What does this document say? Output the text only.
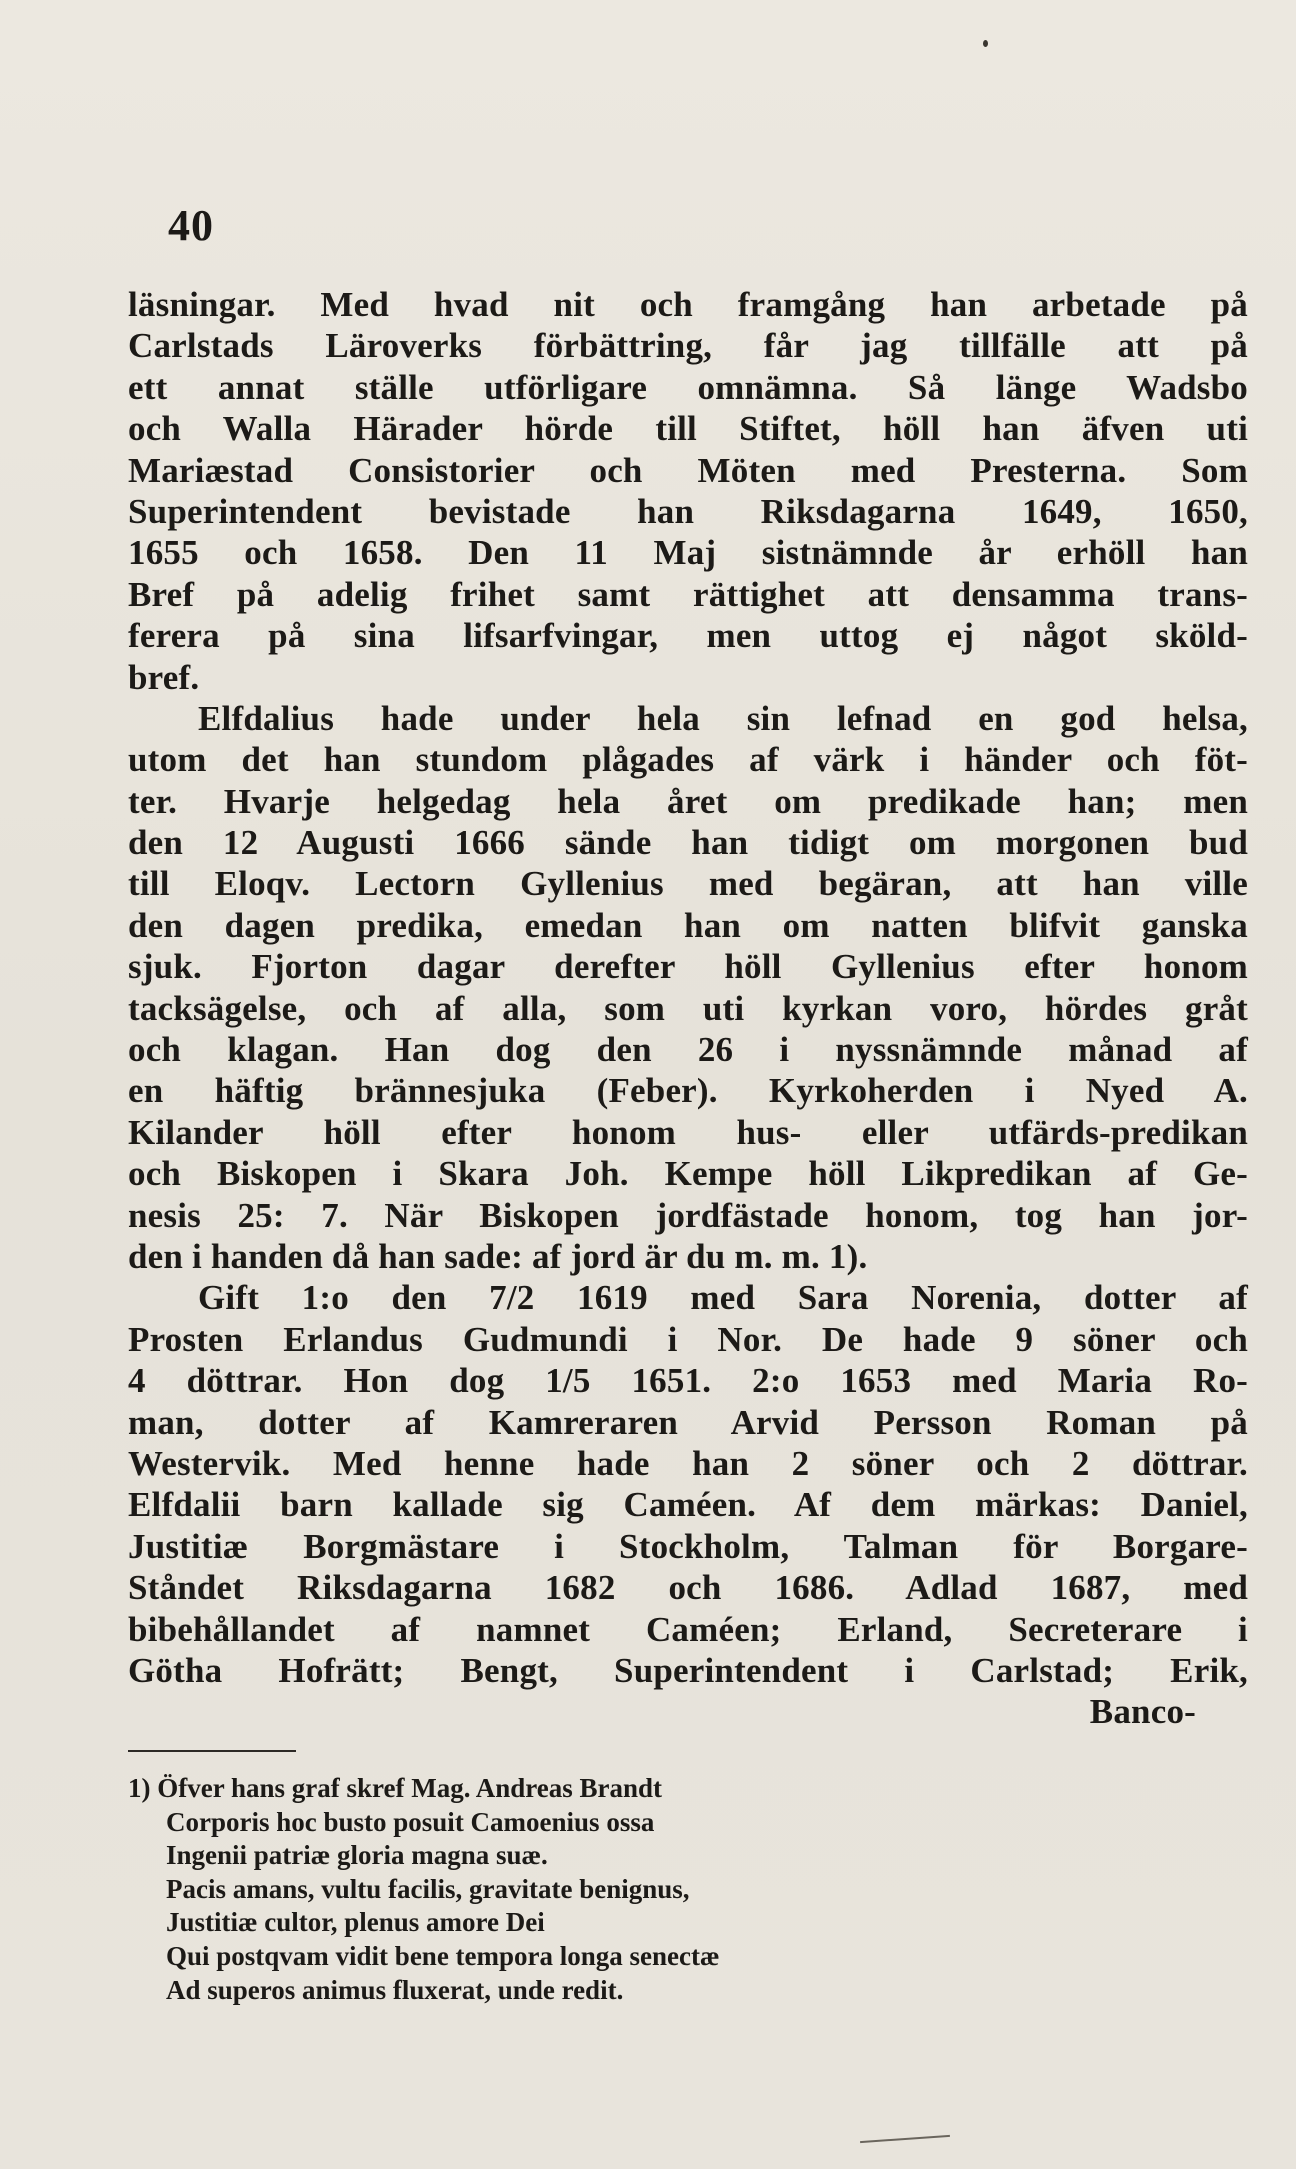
40
läsningar. Med hvad nit och framgång han arbetade på
Carlstads Läroverks förbättring, får jag tillfälle att på
ett annat ställe utförligare omnämna. Så länge Wadsbo
och Walla Härader hörde till Stiftet, höll han äfven uti
Mariæstad Consistorier och Möten med Presterna. Som
Superintendent bevistade han Riksdagarna 1649, 1650,
1655 och 1658. Den 11 Maj sistnämnde år erhöll han
Bref på adelig frihet samt rättighet att densamma trans-
ferera på sina lifsarfvingar, men uttog ej något sköld-
bref.
Elfdalius hade under hela sin lefnad en god helsa,
utom det han stundom plågades af värk i händer och föt-
ter. Hvarje helgedag hela året om predikade han; men
den 12 Augusti 1666 sände han tidigt om morgonen bud
till Eloqv. Lectorn Gyllenius med begäran, att han ville
den dagen predika, emedan han om natten blifvit ganska
sjuk. Fjorton dagar derefter höll Gyllenius efter honom
tacksägelse, och af alla, som uti kyrkan voro, hördes gråt
och klagan. Han dog den 26 i nyssnämnde månad af
en häftig brännesjuka (Feber). Kyrkoherden i Nyed A.
Kilander höll efter honom hus- eller utfärds-predikan
och Biskopen i Skara Joh. Kempe höll Likpredikan af Ge-
nesis 25: 7. När Biskopen jordfästade honom, tog han jor-
den i handen då han sade: af jord är du m. m. 1).
Gift 1:o den 7/2 1619 med Sara Norenia, dotter af
Prosten Erlandus Gudmundi i Nor. De hade 9 söner och
4 döttrar. Hon dog 1/5 1651. 2:o 1653 med Maria Ro-
man, dotter af Kamreraren Arvid Persson Roman på
Westervik. Med henne hade han 2 söner och 2 döttrar.
Elfdalii barn kallade sig Caméen. Af dem märkas: Daniel,
Justitiæ Borgmästare i Stockholm, Talman för Borgare-
Ståndet Riksdagarna 1682 och 1686. Adlad 1687, med
bibehållandet af namnet Caméen; Erland, Secreterare i
Götha Hofrätt; Bengt, Superintendent i Carlstad; Erik,
Banco-
1) Öfver hans graf skref Mag. Andreas Brandt
Corporis hoc busto posuit Camoenius ossa
Ingenii patriæ gloria magna suæ.
Pacis amans, vultu facilis, gravitate benignus,
Justitiæ cultor, plenus amore Dei
Qui postqvam vidit bene tempora longa senectæ
Ad superos animus fluxerat, unde redit.
